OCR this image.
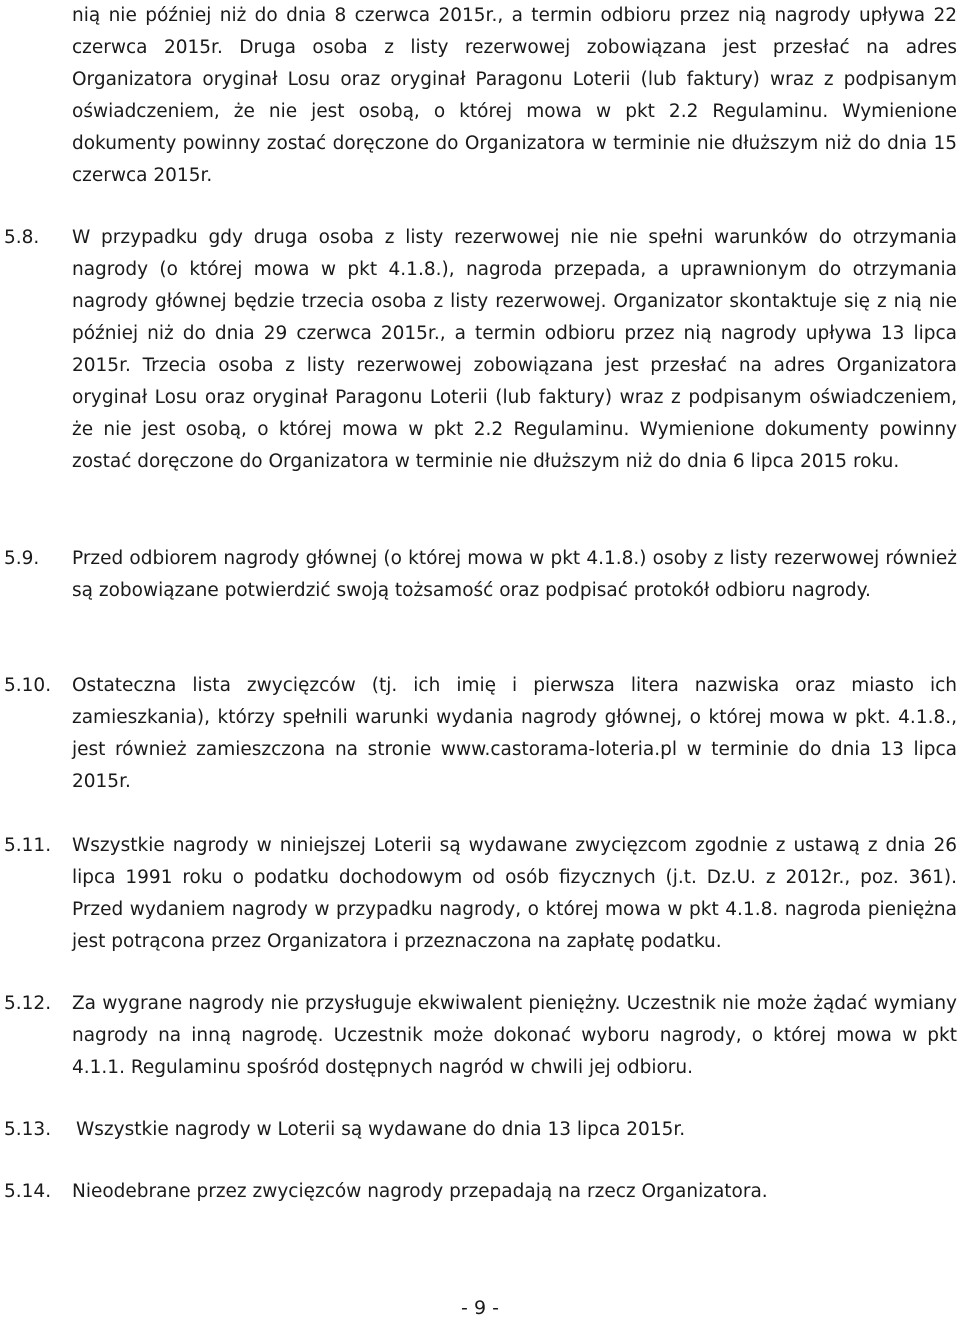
nią nie później niż do dnia 8 czerwca 2015r., a termin odbioru przez nią nagrody upływa 22 czerwca 2015r. Druga osoba z listy rezerwowej zobowiązana jest przesłać na adres Organizatora oryginał Losu oraz oryginał Paragonu Loterii (lub faktury) wraz z podpisanym oświadczeniem, że nie jest osobą, o której mowa w pkt 2.2 Regulaminu. Wymienione dokumenty powinny zostać doręczone do Organizatora w terminie nie dłuższym niż do dnia 15 czerwca 2015r.

5.8. W przypadku gdy druga osoba z listy rezerwowej nie nie spełni warunków do otrzymania nagrody (o której mowa w pkt 4.1.8.), nagroda przepada, a uprawnionym do otrzymania nagrody głównej będzie trzecia osoba z listy rezerwowej. Organizator skontaktuje się z nią nie później niż do dnia 29 czerwca 2015r., a termin odbioru przez nią nagrody upływa 13 lipca 2015r. Trzecia osoba z listy rezerwowej zobowiązana jest przesłać na adres Organizatora oryginał Losu oraz oryginał Paragonu Loterii (lub faktury) wraz z podpisanym oświadczeniem, że nie jest osobą, o której mowa w pkt 2.2 Regulaminu. Wymienione dokumenty powinny zostać doręczone do Organizatora w terminie nie dłuższym niż do dnia 6 lipca 2015 roku.

5.9. Przed odbiorem nagrody głównej (o której mowa w pkt 4.1.8.) osoby z listy rezerwowej również są zobowiązane potwierdzić swoją tożsamość oraz podpisać protokół odbioru nagrody.

5.10. Ostateczna lista zwycięzców (tj. ich imię i pierwsza litera nazwiska oraz miasto ich zamieszkania), którzy spełnili warunki wydania nagrody głównej, o której mowa w pkt. 4.1.8., jest również zamieszczona na stronie www.castorama-loteria.pl w terminie do dnia 13 lipca 2015r.

5.11. Wszystkie nagrody w niniejszej Loterii są wydawane zwycięzcom zgodnie z ustawą z dnia 26 lipca 1991 roku o podatku dochodowym od osób fizycznych (j.t. Dz.U. z 2012r., poz. 361). Przed wydaniem nagrody w przypadku nagrody, o której mowa w pkt 4.1.8. nagroda pieniężna jest potrącona przez Organizatora i przeznaczona na zapłatę podatku.

5.12. Za wygrane nagrody nie przysługuje ekwiwalent pieniężny. Uczestnik nie może żądać wymiany nagrody na inną nagrodę. Uczestnik może dokonać wyboru nagrody, o której mowa w pkt 4.1.1. Regulaminu spośród dostępnych nagród w chwili jej odbioru.

5.13. Wszystkie nagrody w Loterii są wydawane do dnia 13 lipca 2015r.

5.14. Nieodebrane przez zwycięzców nagrody przepadają na rzecz Organizatora.

- 9 -
